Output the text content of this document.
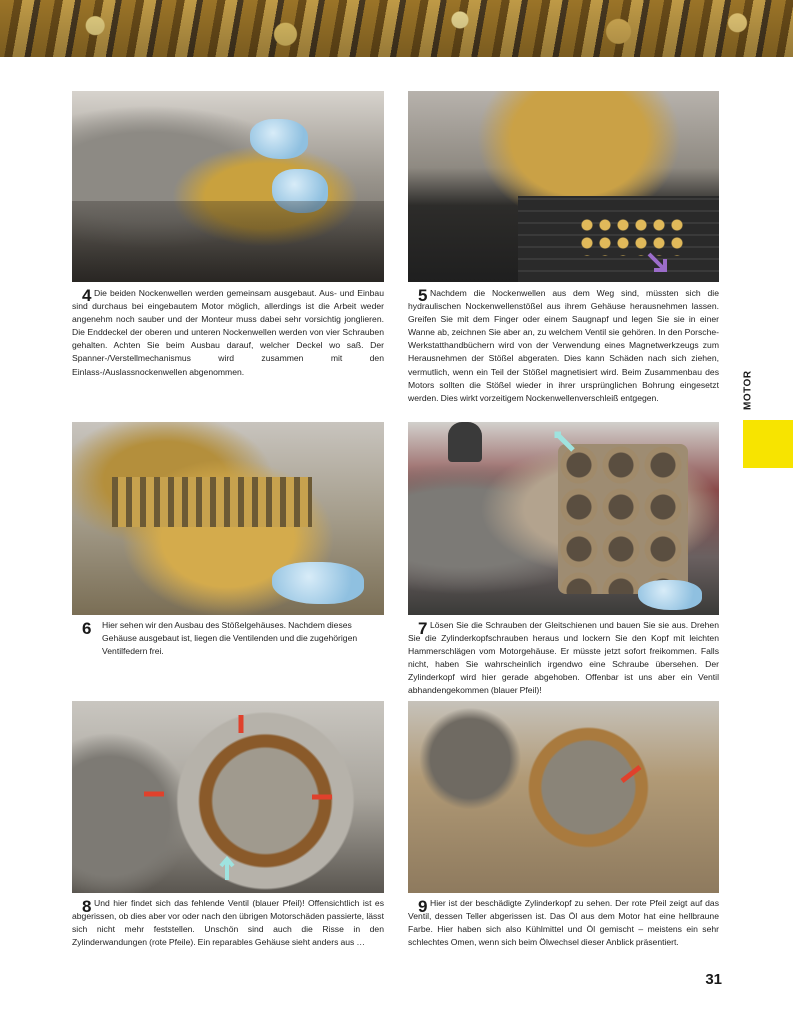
4 Die beiden Nockenwellen werden gemeinsam ausgebaut. Aus- und Einbau sind durchaus bei eingebautem Motor möglich, allerdings ist die Arbeit weder angenehm noch sauber und der Monteur muss dabei sehr vorsichtig jonglieren. Die Enddeckel der oberen und unteren Nockenwellen werden von vier Schrauben gehalten. Achten Sie beim Ausbau darauf, welcher Deckel wo saß. Der Spanner-/Verstellmechanismus wird zusammen mit den Einlass-/Auslassnockenwellen abgenommen.

5 Nachdem die Nockenwellen aus dem Weg sind, müssten sich die hydraulischen Nockenwellenstößel aus ihrem Gehäuse herausnehmen lassen. Greifen Sie mit dem Finger oder einem Saugnapf und legen Sie sie in einer Wanne ab, zeichnen Sie aber an, zu welchem Ventil sie gehören. In den Porsche-Werkstatthandbüchern wird von der Verwendung eines Magnetwerkzeugs zum Herausnehmen der Stößel abgeraten. Dies kann Schäden nach sich ziehen, vermutlich, wenn ein Teil der Stößel magnetisiert wird. Beim Zusammenbau des Motors sollten die Stößel wieder in ihrer ursprünglichen Bohrung eingesetzt werden. Dies wirkt vorzeitigem Nockenwellenverschleiß entgegen.

6	Hier sehen wir den Ausbau des Stößelgehäuses. Nachdem dieses Gehäuse ausgebaut ist, liegen die Ventilenden und die zugehörigen Ventilfedern frei.

7 Lösen Sie die Schrauben der Gleitschienen und bauen Sie sie aus. Drehen Sie die Zylinderkopfschrauben heraus und lockern Sie den Kopf mit leichten Hammerschlägen vom Motorgehäuse. Er müsste jetzt sofort freikommen. Falls nicht, haben Sie wahrscheinlich irgendwo eine Schraube übersehen. Der Zylinderkopf wird hier gerade abgehoben. Offenbar ist uns aber ein Ventil abhandengekommen (blauer Pfeil)!

8 Und hier findet sich das fehlende Ventil (blauer Pfeil)! Offensichtlich ist es abgerissen, ob dies aber vor oder nach den übrigen Motorschäden passierte, lässt sich nicht mehr feststellen. Unschön sind auch die Risse in den Zylinderwandungen (rote Pfeile). Ein reparables Gehäuse sieht anders aus …

9 Hier ist der beschädigte Zylinderkopf zu sehen. Der rote Pfeil zeigt auf das Ventil, dessen Teller abgerissen ist. Das Öl aus dem Motor hat eine hellbraune Farbe. Hier haben sich also Kühlmittel und Öl gemischt – meistens ein sehr schlechtes Omen, wenn sich beim Ölwechsel dieser Anblick präsentiert.

MOTOR
31
